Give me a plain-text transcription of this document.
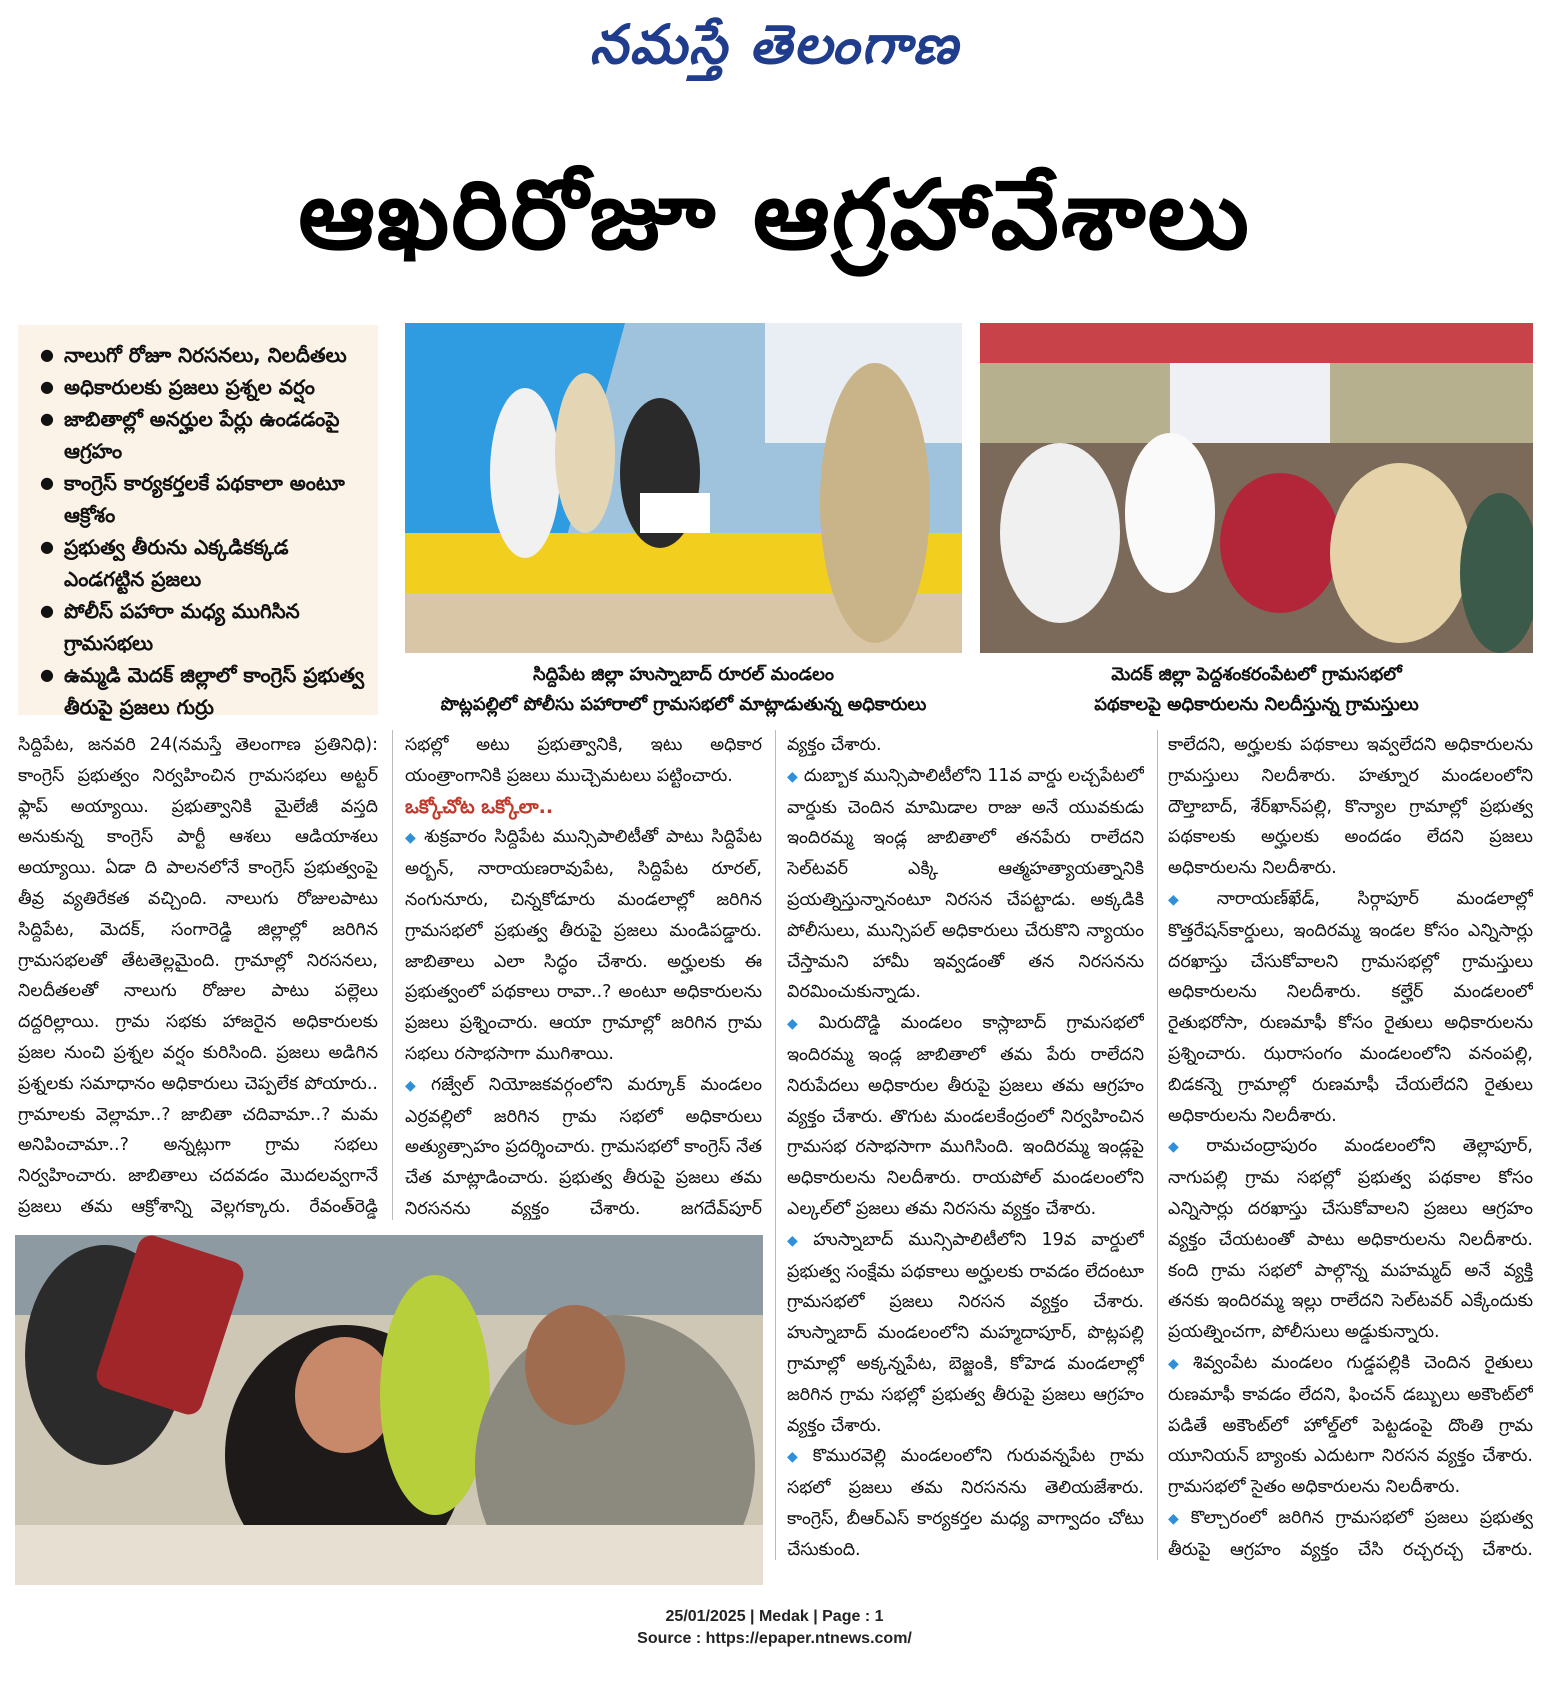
నమస్తే తెలంగాణ
ఆఖరిరోజూ ఆగ్రహావేశాలు
● నాలుగో రోజూ నిరసనలు, నిలదీతలు
● అధికారులకు ప్రజలు ప్రశ్నల వర్షం
● జాబితాల్లో అనర్హుల పేర్లు ఉండడంపై ఆగ్రహం
● కాంగ్రెస్ కార్యకర్తలకే పథకాలా అంటూ ఆక్రోశం
● ప్రభుత్వ తీరును ఎక్కడికక్కడ ఎండగట్టిన ప్రజలు
● పోలీస్ పహారా మధ్య ముగిసిన గ్రామసభలు
● ఉమ్మడి మెదక్ జిల్లాలో కాంగ్రెస్ ప్రభుత్వ తీరుపై ప్రజలు గుర్రు
సిద్దిపేట జిల్లా హుస్నాబాద్ రూరల్ మండలం
పొట్లపల్లిలో పోలీసు పహారాలో గ్రామసభలో మాట్లాడుతున్న అధికారులు
మెదక్ జిల్లా పెద్దశంకరంపేటలో గ్రామసభలో
పథకాలపై అధికారులను నిలదీస్తున్న గ్రామస్తులు

సిద్దిపేట, జనవరి 24(నమస్తే తెలంగాణ ప్రతినిధి): కాంగ్రెస్ ప్రభుత్వం నిర్వహించిన గ్రామసభలు అట్టర్ ఫ్లాప్ అయ్యాయి. ప్రభుత్వానికి మైలేజీ వస్తది అనుకున్న కాంగ్రెస్ పార్టీ ఆశలు ఆడియాశలు అయ్యాయి. ఏడా ది పాలనలోనే కాంగ్రెస్ ప్రభుత్వంపై తీవ్ర వ్యతిరేకత వచ్చింది. నాలుగు రోజులపాటు సిద్దిపేట, మెదక్, సంగారెడ్డి జిల్లాల్లో జరిగిన గ్రామసభలతో తేటతెల్లమైంది. గ్రామాల్లో నిరసనలు, నిలదీతలతో నాలుగు రోజుల పాటు పల్లెలు దద్దరిల్లాయి. గ్రామ సభకు హాజరైన అధికారులకు ప్రజల నుంచి ప్రశ్నల వర్షం కురిసింది. ప్రజలు అడిగిన ప్రశ్నలకు సమాధానం అధికారులు చెప్పలేక పోయారు.. గ్రామాలకు వెల్లామా..? జాబితా చదివామా..? మమ అనిపించామా..? అన్నట్లుగా గ్రామ సభలు నిర్వహించారు. జాబితాలు చదవడం మొదలవ్వగానే ప్రజలు తమ ఆక్రోశాన్ని వెల్లగక్కారు. రేవంత్‌రెడ్డి

సభల్లో అటు ప్రభుత్వానికి, ఇటు అధికార యంత్రాంగానికి ప్రజలు ముచ్చెమటలు పట్టించారు.

ఒక్కోచోట ఒక్కోలా..

◆ శుక్రవారం సిద్దిపేట మున్సిపాలిటీతో పాటు సిద్దిపేట అర్బన్, నారాయణరావుపేట, సిద్దిపేట రూరల్, నంగునూరు, చిన్నకోడూరు మండలాల్లో జరిగిన గ్రామసభలో ప్రభుత్వ తీరుపై ప్రజలు మండిపడ్డారు. జాబితాలు ఎలా సిద్ధం చేశారు. అర్హులకు ఈ ప్రభుత్వంలో పథకాలు రావా..? అంటూ అధికారులను ప్రజలు ప్రశ్నించారు. ఆయా గ్రామాల్లో జరిగిన గ్రామ సభలు రసాభసాగా ముగిశాయి.

◆ గజ్వేల్ నియోజకవర్గంలోని మర్కూక్ మండలం ఎర్రవల్లిలో జరిగిన గ్రామ సభలో అధికారులు అత్యుత్సాహం ప్రదర్శించారు. గ్రామసభలో కాంగ్రెస్ నేత చేత మాట్లాడించారు. ప్రభుత్వ తీరుపై ప్రజలు తమ నిరసనను వ్యక్తం చేశారు. జగదేవ్‌పూర్

వ్యక్తం చేశారు.

◆ దుబ్బాక మున్సిపాలిటీలోని 11వ వార్డు లచ్చపేటలో వార్డుకు చెందిన మామిడాల రాజు అనే యువకుడు ఇందిరమ్మ ఇండ్ల జాబితాలో తనపేరు రాలేదని సెల్‌టవర్ ఎక్కి ఆత్మహత్యాయత్నానికి ప్రయత్నిస్తున్నానంటూ నిరసన చేపట్టాడు. అక్కడికి పోలీసులు, మున్సిపల్ అధికారులు చేరుకొని న్యాయం చేస్తామని హామీ ఇవ్వడంతో తన నిరసనను విరమించుకున్నాడు.

◆ మిరుదొడ్డి మండలం కాస్లాబాద్ గ్రామసభలో ఇందిరమ్మ ఇండ్ల జాబితాలో తమ పేరు రాలేదని నిరుపేదలు అధికారుల తీరుపై ప్రజలు తమ ఆగ్రహం వ్యక్తం చేశారు. తొగుట మండలకేంద్రంలో నిర్వహించిన గ్రామసభ రసాభసాగా ముగిసింది. ఇందిరమ్మ ఇండ్లపై అధికారులను నిలదీశారు. రాయపోల్ మండలంలోని ఎల్కల్‌లో ప్రజలు తమ నిరసను వ్యక్తం చేశారు.

◆ హుస్నాబాద్ మున్సిపాలిటీలోని 19వ వార్డులో ప్రభుత్వ సంక్షేమ పథకాలు అర్హులకు రావడం లేదంటూ గ్రామసభలో ప్రజలు నిరసన వ్యక్తం చేశారు. హుస్నాబాద్ మండలంలోని మహ్మదాపూర్, పొట్లపల్లి గ్రామాల్లో అక్కన్నపేట, బెజ్జంకి, కోహెడ మండలాల్లో జరిగిన గ్రామ సభల్లో ప్రభుత్వ తీరుపై ప్రజలు ఆగ్రహం వ్యక్తం చేశారు.

◆ కొమురవెల్లి మండలంలోని గురువన్నపేట గ్రామ సభలో ప్రజలు తమ నిరసనను తెలియజేశారు. కాంగ్రెస్, బీఆర్‌ఎస్ కార్యకర్తల మధ్య వాగ్వాదం చోటు చేసుకుంది.

కాలేదని, అర్హులకు పథకాలు ఇవ్వలేదని అధికారులను గ్రామస్తులు నిలదీశారు. హత్నూర మండలంలోని దౌల్తాబాద్, శేర్‌ఖాన్‌పల్లి, కొన్యాల గ్రామాల్లో ప్రభుత్వ పథకాలకు అర్హులకు అందడం లేదని ప్రజలు అధికారులను నిలదీశారు.

◆ నారాయణ్‌ఖేడ్, సిర్గాపూర్ మండలాల్లో కొత్తరేషన్‌కార్డులు, ఇందిరమ్మ ఇండల కోసం ఎన్నిసార్లు దరఖాస్తు చేసుకోవాలని గ్రామసభల్లో గ్రామస్తులు అధికారులను నిలదీశారు. కల్హేర్ మండలంలో రైతుభరోసా, రుణమాఫీ కోసం రైతులు అధికారులను ప్రశ్నించారు. ఝరాసంగం మండలంలోని వనంపల్లి, బిడకన్నె గ్రామాల్లో రుణమాఫీ చేయలేదని రైతులు అధికారులను నిలదీశారు.

◆ రామచంద్రాపురం మండలంలోని తెల్లాపూర్, నాగుపల్లి గ్రామ సభల్లో ప్రభుత్వ పథకాల కోసం ఎన్నిసార్లు దరఖాస్తు చేసుకోవాలని ప్రజలు ఆగ్రహం వ్యక్తం చేయటంతో పాటు అధికారులను నిలదీశారు. కంది గ్రామ సభలో పాల్గొన్న మహమ్మద్ అనే వ్యక్తి తనకు ఇందిరమ్మ ఇల్లు రాలేదని సెల్‌టవర్ ఎక్కేందుకు ప్రయత్నించగా, పోలీసులు అడ్డుకున్నారు.

◆ శివ్వంపేట మండలం గుడ్డపల్లికి చెందిన రైతులు రుణమాఫీ కావడం లేదని, ఫించన్ డబ్బులు అకౌంట్‌లో పడితే అకౌంట్‌లో హోల్డ్‌లో పెట్టడంపై దొంతి గ్రామ యూనియన్ బ్యాంకు ఎదుటగా నిరసన వ్యక్తం చేశారు. గ్రామసభలో సైతం అధికారులను నిలదీశారు.

◆ కొల్చారంలో జరిగిన గ్రామసభలో ప్రజలు ప్రభుత్వ తీరుపై ఆగ్రహం వ్యక్తం చేసి రచ్చరచ్చ చేశారు.

25/01/2025 | Medak | Page : 1
Source : https://epaper.ntnews.com/
